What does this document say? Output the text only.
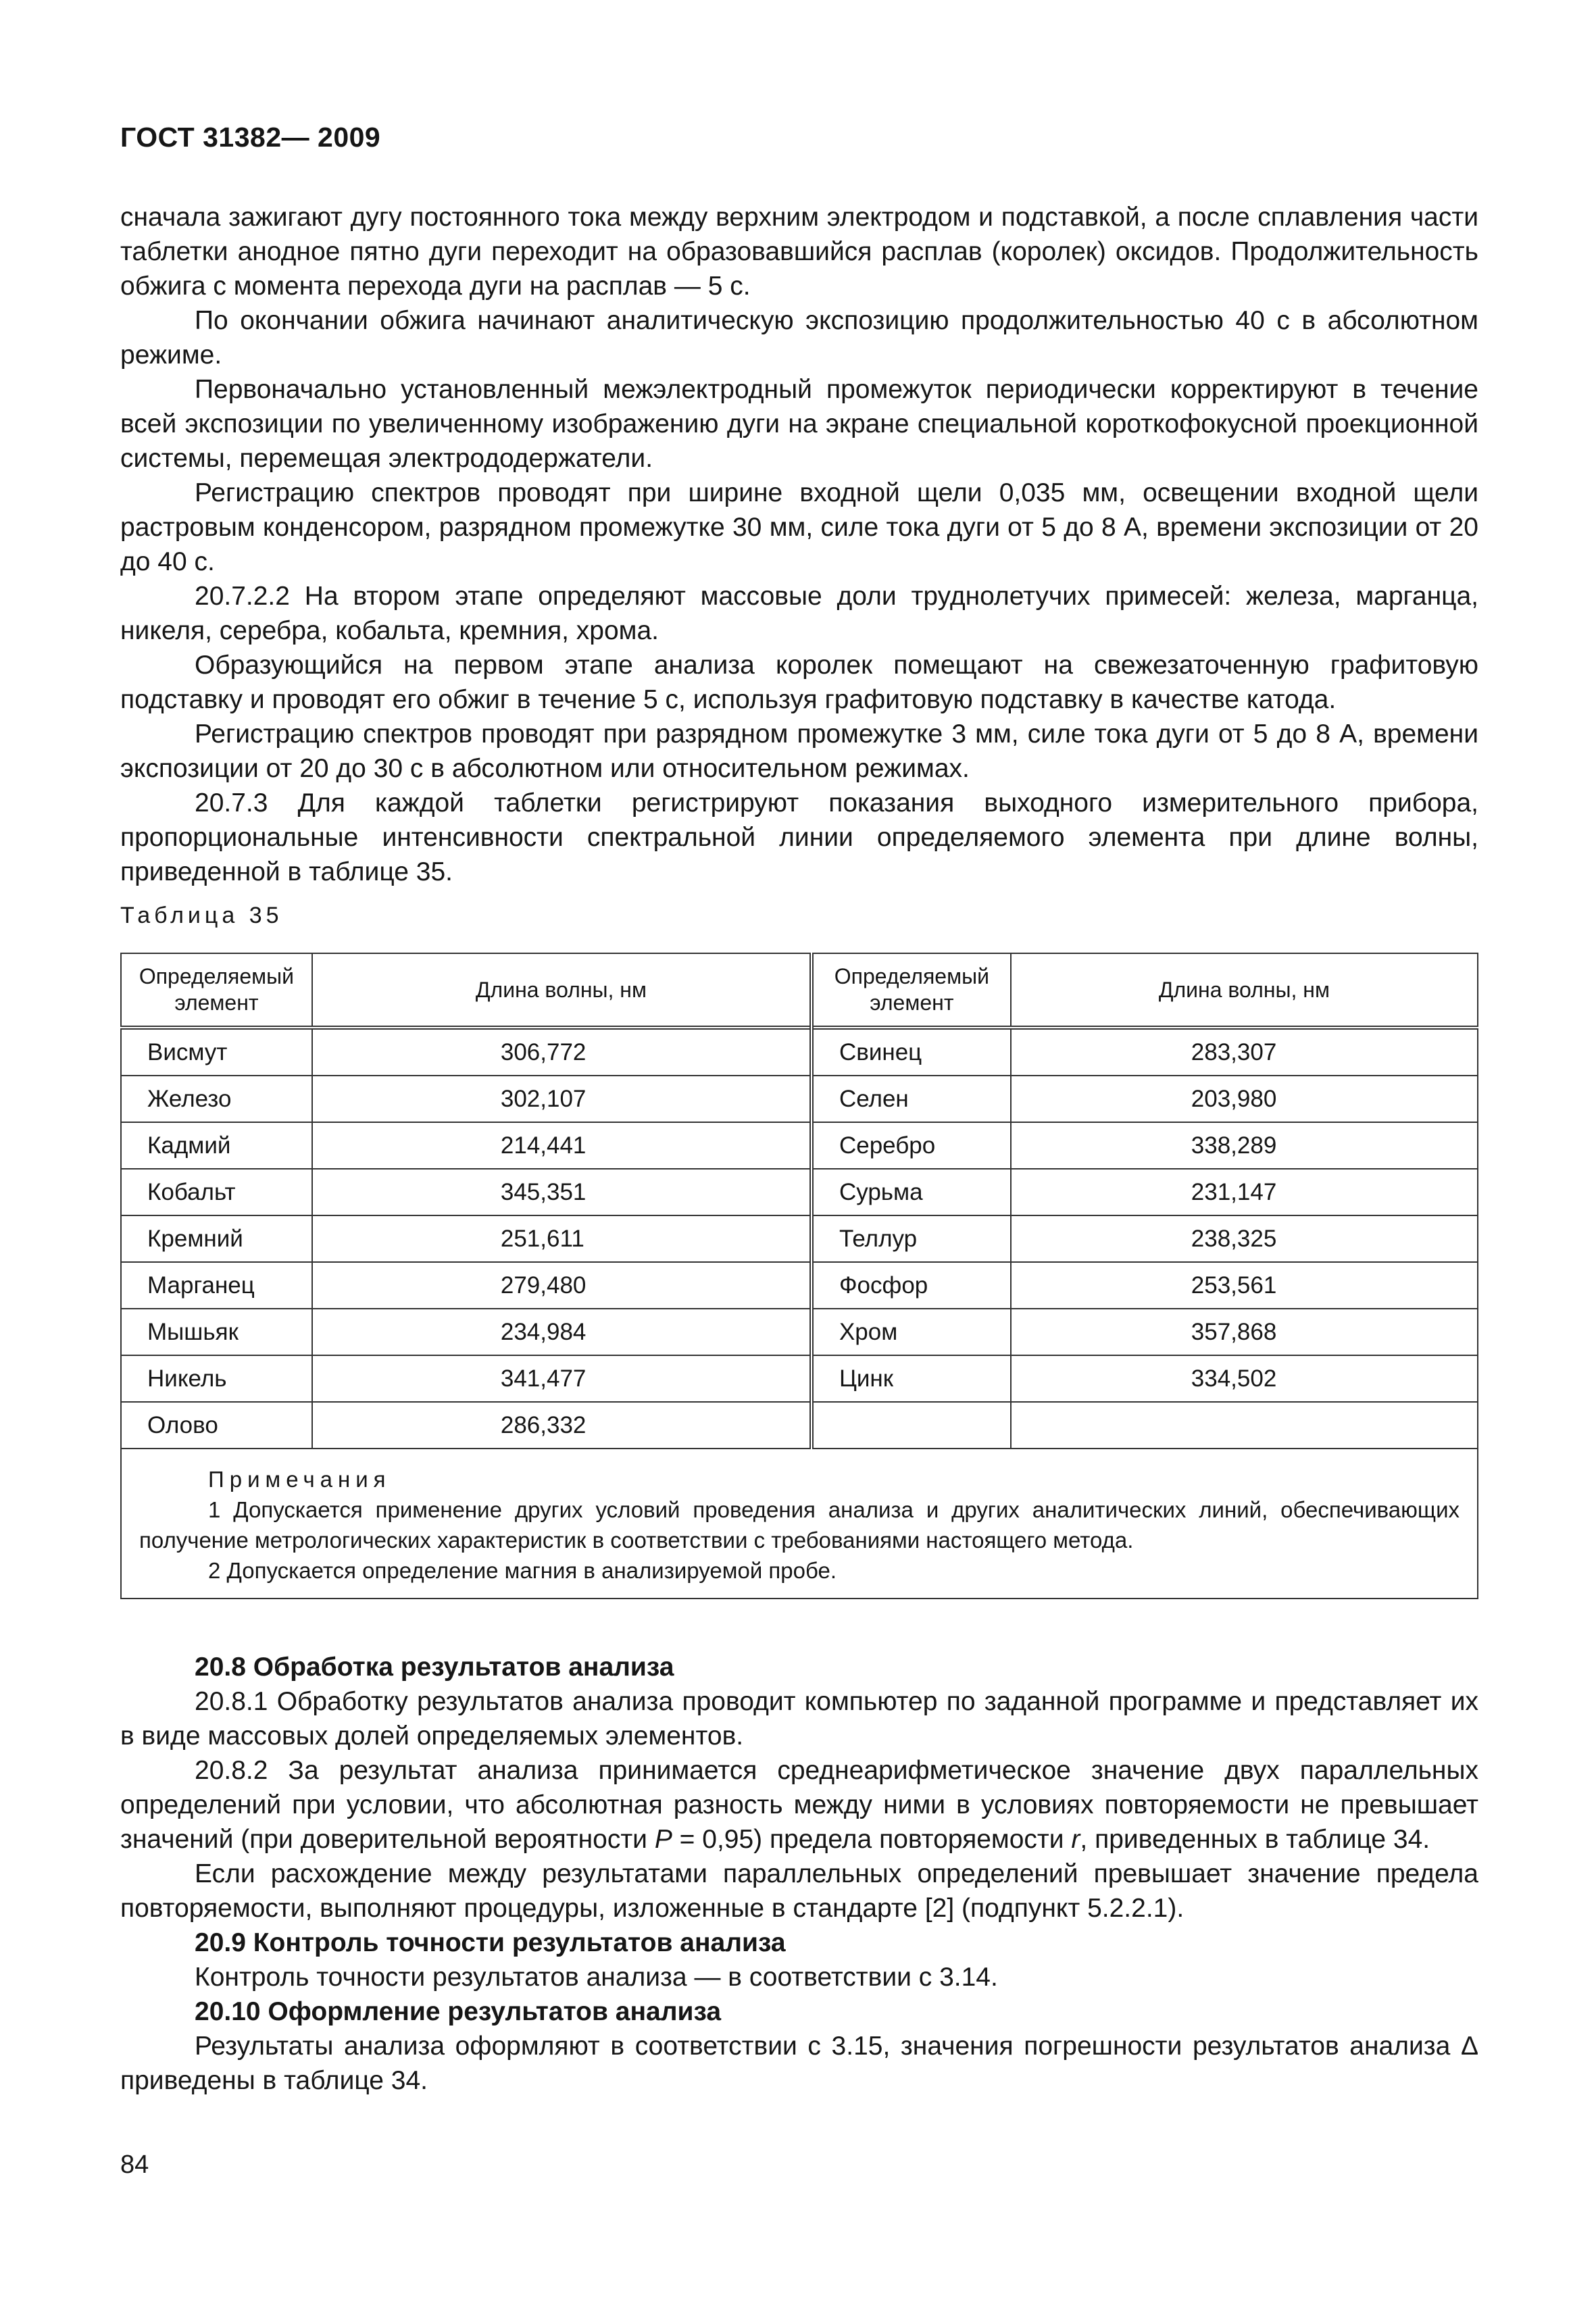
ГОСТ 31382— 2009

сначала зажигают дугу постоянного тока между верхним электродом и подставкой, а после сплавления части таблетки анодное пятно дуги переходит на образовавшийся расплав (королек) оксидов. Продолжительность обжига с момента перехода дуги на расплав — 5 с.

По окончании обжига начинают аналитическую экспозицию продолжительностью 40 с в абсолютном режиме.

Первоначально установленный межэлектродный промежуток периодически корректируют в течение всей экспозиции по увеличенному изображению дуги на экране специальной короткофокусной проекционной системы, перемещая электрододержатели.

Регистрацию спектров проводят при ширине входной щели 0,035 мм, освещении входной щели растровым конденсором, разрядном промежутке 30 мм, силе тока дуги от 5 до 8 А, времени экспозиции от 20 до 40 с.

20.7.2.2 На втором этапе определяют массовые доли труднолетучих примесей: железа, марганца, никеля, серебра, кобальта, кремния, хрома.

Образующийся на первом этапе анализа королек помещают на свежезаточенную графитовую подставку и проводят его обжиг в течение 5 с, используя графитовую подставку в качестве катода.

Регистрацию спектров проводят при разрядном промежутке 3 мм, силе тока дуги от 5 до 8 А, времени экспозиции от 20 до 30 с в абсолютном или относительном режимах.

20.7.3 Для каждой таблетки регистрируют показания выходного измерительного прибора, пропорциональные интенсивности спектральной линии определяемого элемента при длине волны, приведенной в таблице 35.

Таблица 35
Определяемый элемент	Длина волны, нм	Определяемый элемент	Длина волны, нм
Висмут	306,772	Свинец	283,307
Железо	302,107	Селен	203,980
Кадмий	214,441	Серебро	338,289
Кобальт	345,351	Сурьма	231,147
Кремний	251,611	Теллур	238,325
Марганец	279,480	Фосфор	253,561
Мышьяк	234,984	Хром	357,868
Никель	341,477	Цинк	334,502
Олово	286,332		

Примечания
1 Допускается применение других условий проведения анализа и других аналитических линий, обеспечивающих получение метрологических характеристик в соответствии с требованиями настоящего метода.
2 Допускается определение магния в анализируемой пробе.			

20.8 Обработка результатов анализа

20.8.1 Обработку результатов анализа проводит компьютер по заданной программе и представляет их в виде массовых долей определяемых элементов.

20.8.2 За результат анализа принимается среднеарифметическое значение двух параллельных определений при условии, что абсолютная разность между ними в условиях повторяемости не превышает значений (при доверительной вероятности Р = 0,95) предела повторяемости r, приведенных в таблице 34.

Если расхождение между результатами параллельных определений превышает значение предела повторяемости, выполняют процедуры, изложенные в стандарте [2] (подпункт 5.2.2.1).

20.9 Контроль точности результатов анализа

Контроль точности результатов анализа — в соответствии с 3.14.

20.10 Оформление результатов анализа

Результаты анализа оформляют в соответствии с 3.15, значения погрешности результатов анализа Δ приведены в таблице 34.

84
